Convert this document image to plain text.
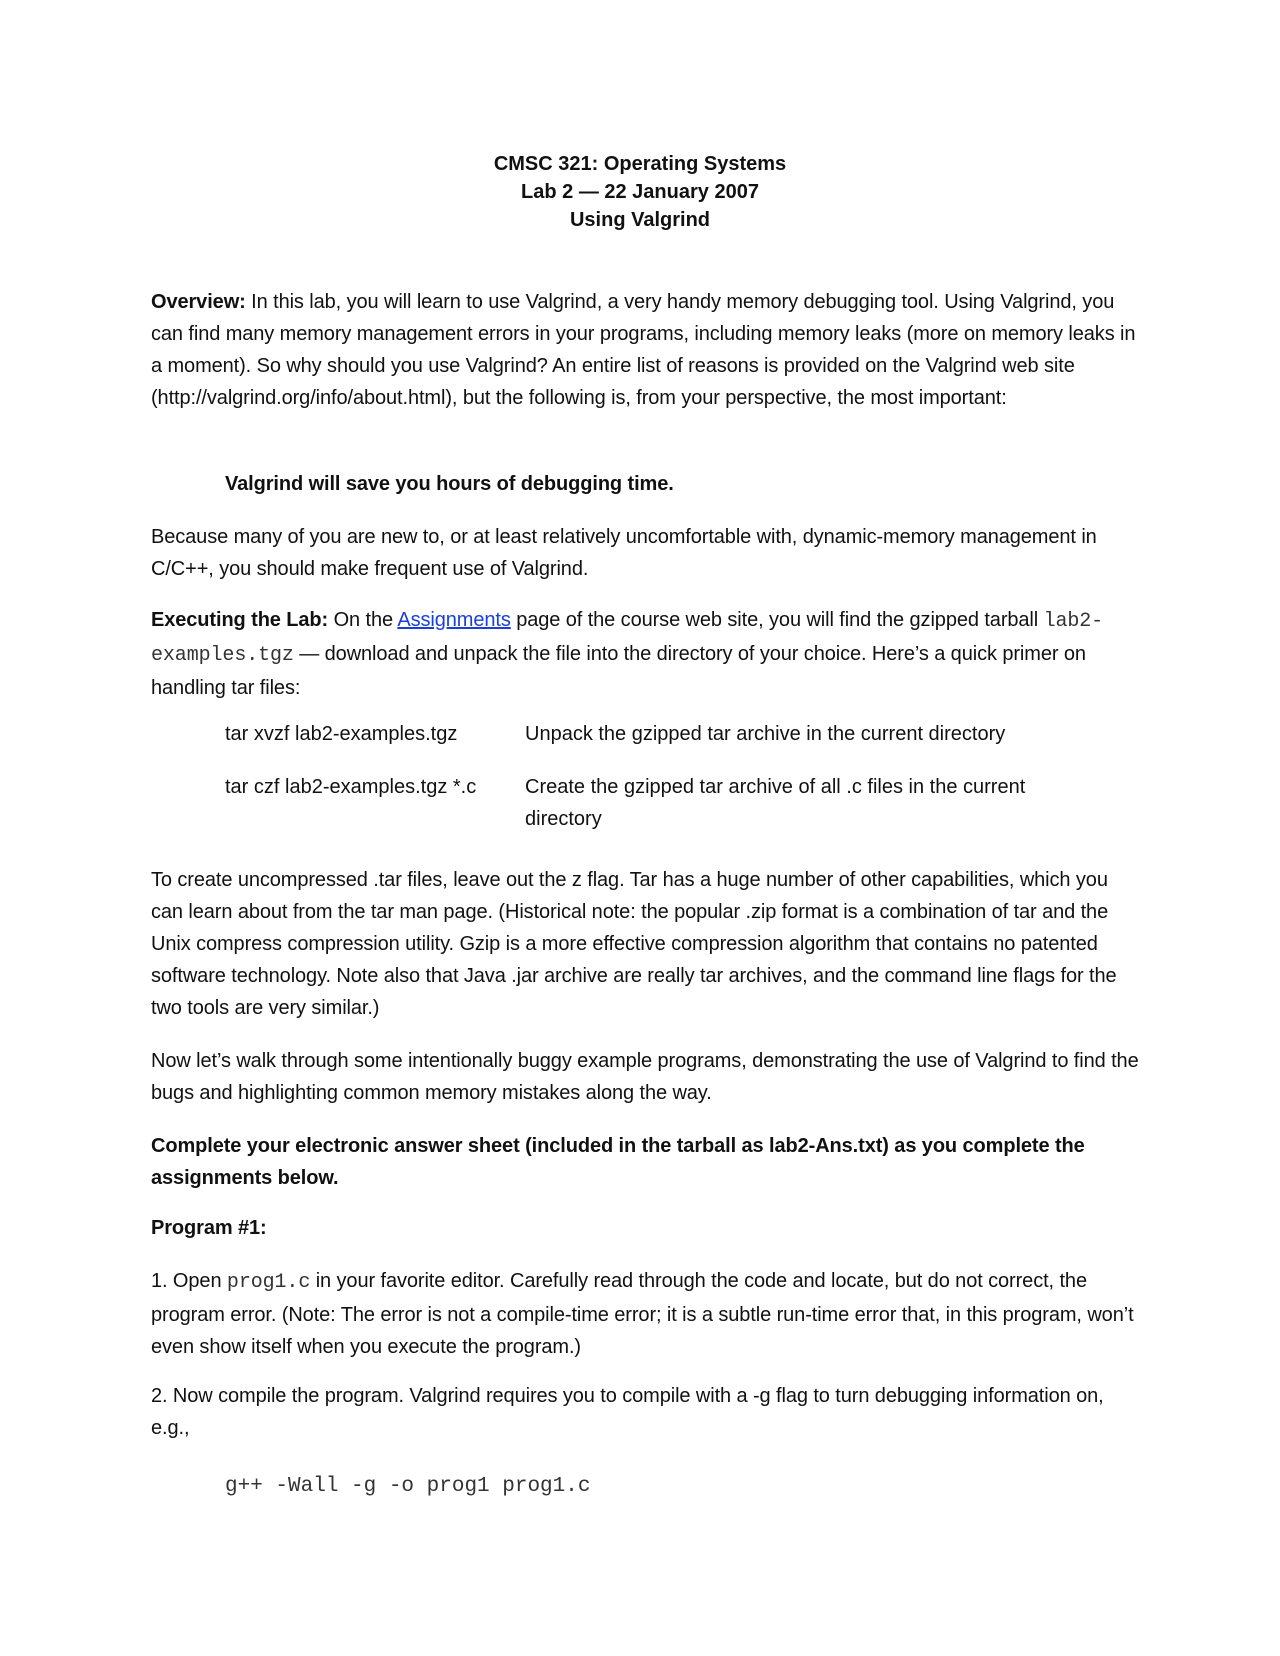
CMSC 321: Operating Systems
Lab 2 — 22 January 2007
Using Valgrind
Overview: In this lab, you will learn to use Valgrind, a very handy memory debugging tool. Using Valgrind, you can find many memory management errors in your programs, including memory leaks (more on memory leaks in a moment). So why should you use Valgrind? An entire list of reasons is provided on the Valgrind web site (http://valgrind.org/info/about.html), but the following is, from your perspective, the most important:
Valgrind will save you hours of debugging time.
Because many of you are new to, or at least relatively uncomfortable with, dynamic-memory management in C/C++, you should make frequent use of Valgrind.
Executing the Lab: On the Assignments page of the course web site, you will find the gzipped tarball lab2-examples.tgz — download and unpack the file into the directory of your choice. Here’s a quick primer on handling tar files:
tar xvzf lab2-examples.tgz	Unpack the gzipped tar archive in the current directory
tar czf lab2-examples.tgz *.c	Create the gzipped tar archive of all .c files in the current directory
To create uncompressed .tar files, leave out the z flag. Tar has a huge number of other capabilities, which you can learn about from the tar man page. (Historical note: the popular .zip format is a combination of tar and the Unix compress compression utility. Gzip is a more effective compression algorithm that contains no patented software technology. Note also that Java .jar archive are really tar archives, and the command line flags for the two tools are very similar.)
Now let’s walk through some intentionally buggy example programs, demonstrating the use of Valgrind to find the bugs and highlighting common memory mistakes along the way.
Complete your electronic answer sheet (included in the tarball as lab2-Ans.txt) as you complete the assignments below.
Program #1:
1. Open prog1.c in your favorite editor. Carefully read through the code and locate, but do not correct, the program error. (Note: The error is not a compile-time error; it is a subtle run-time error that, in this program, won’t even show itself when you execute the program.)
2. Now compile the program. Valgrind requires you to compile with a -g flag to turn debugging information on, e.g.,
g++ -Wall -g -o prog1 prog1.c
